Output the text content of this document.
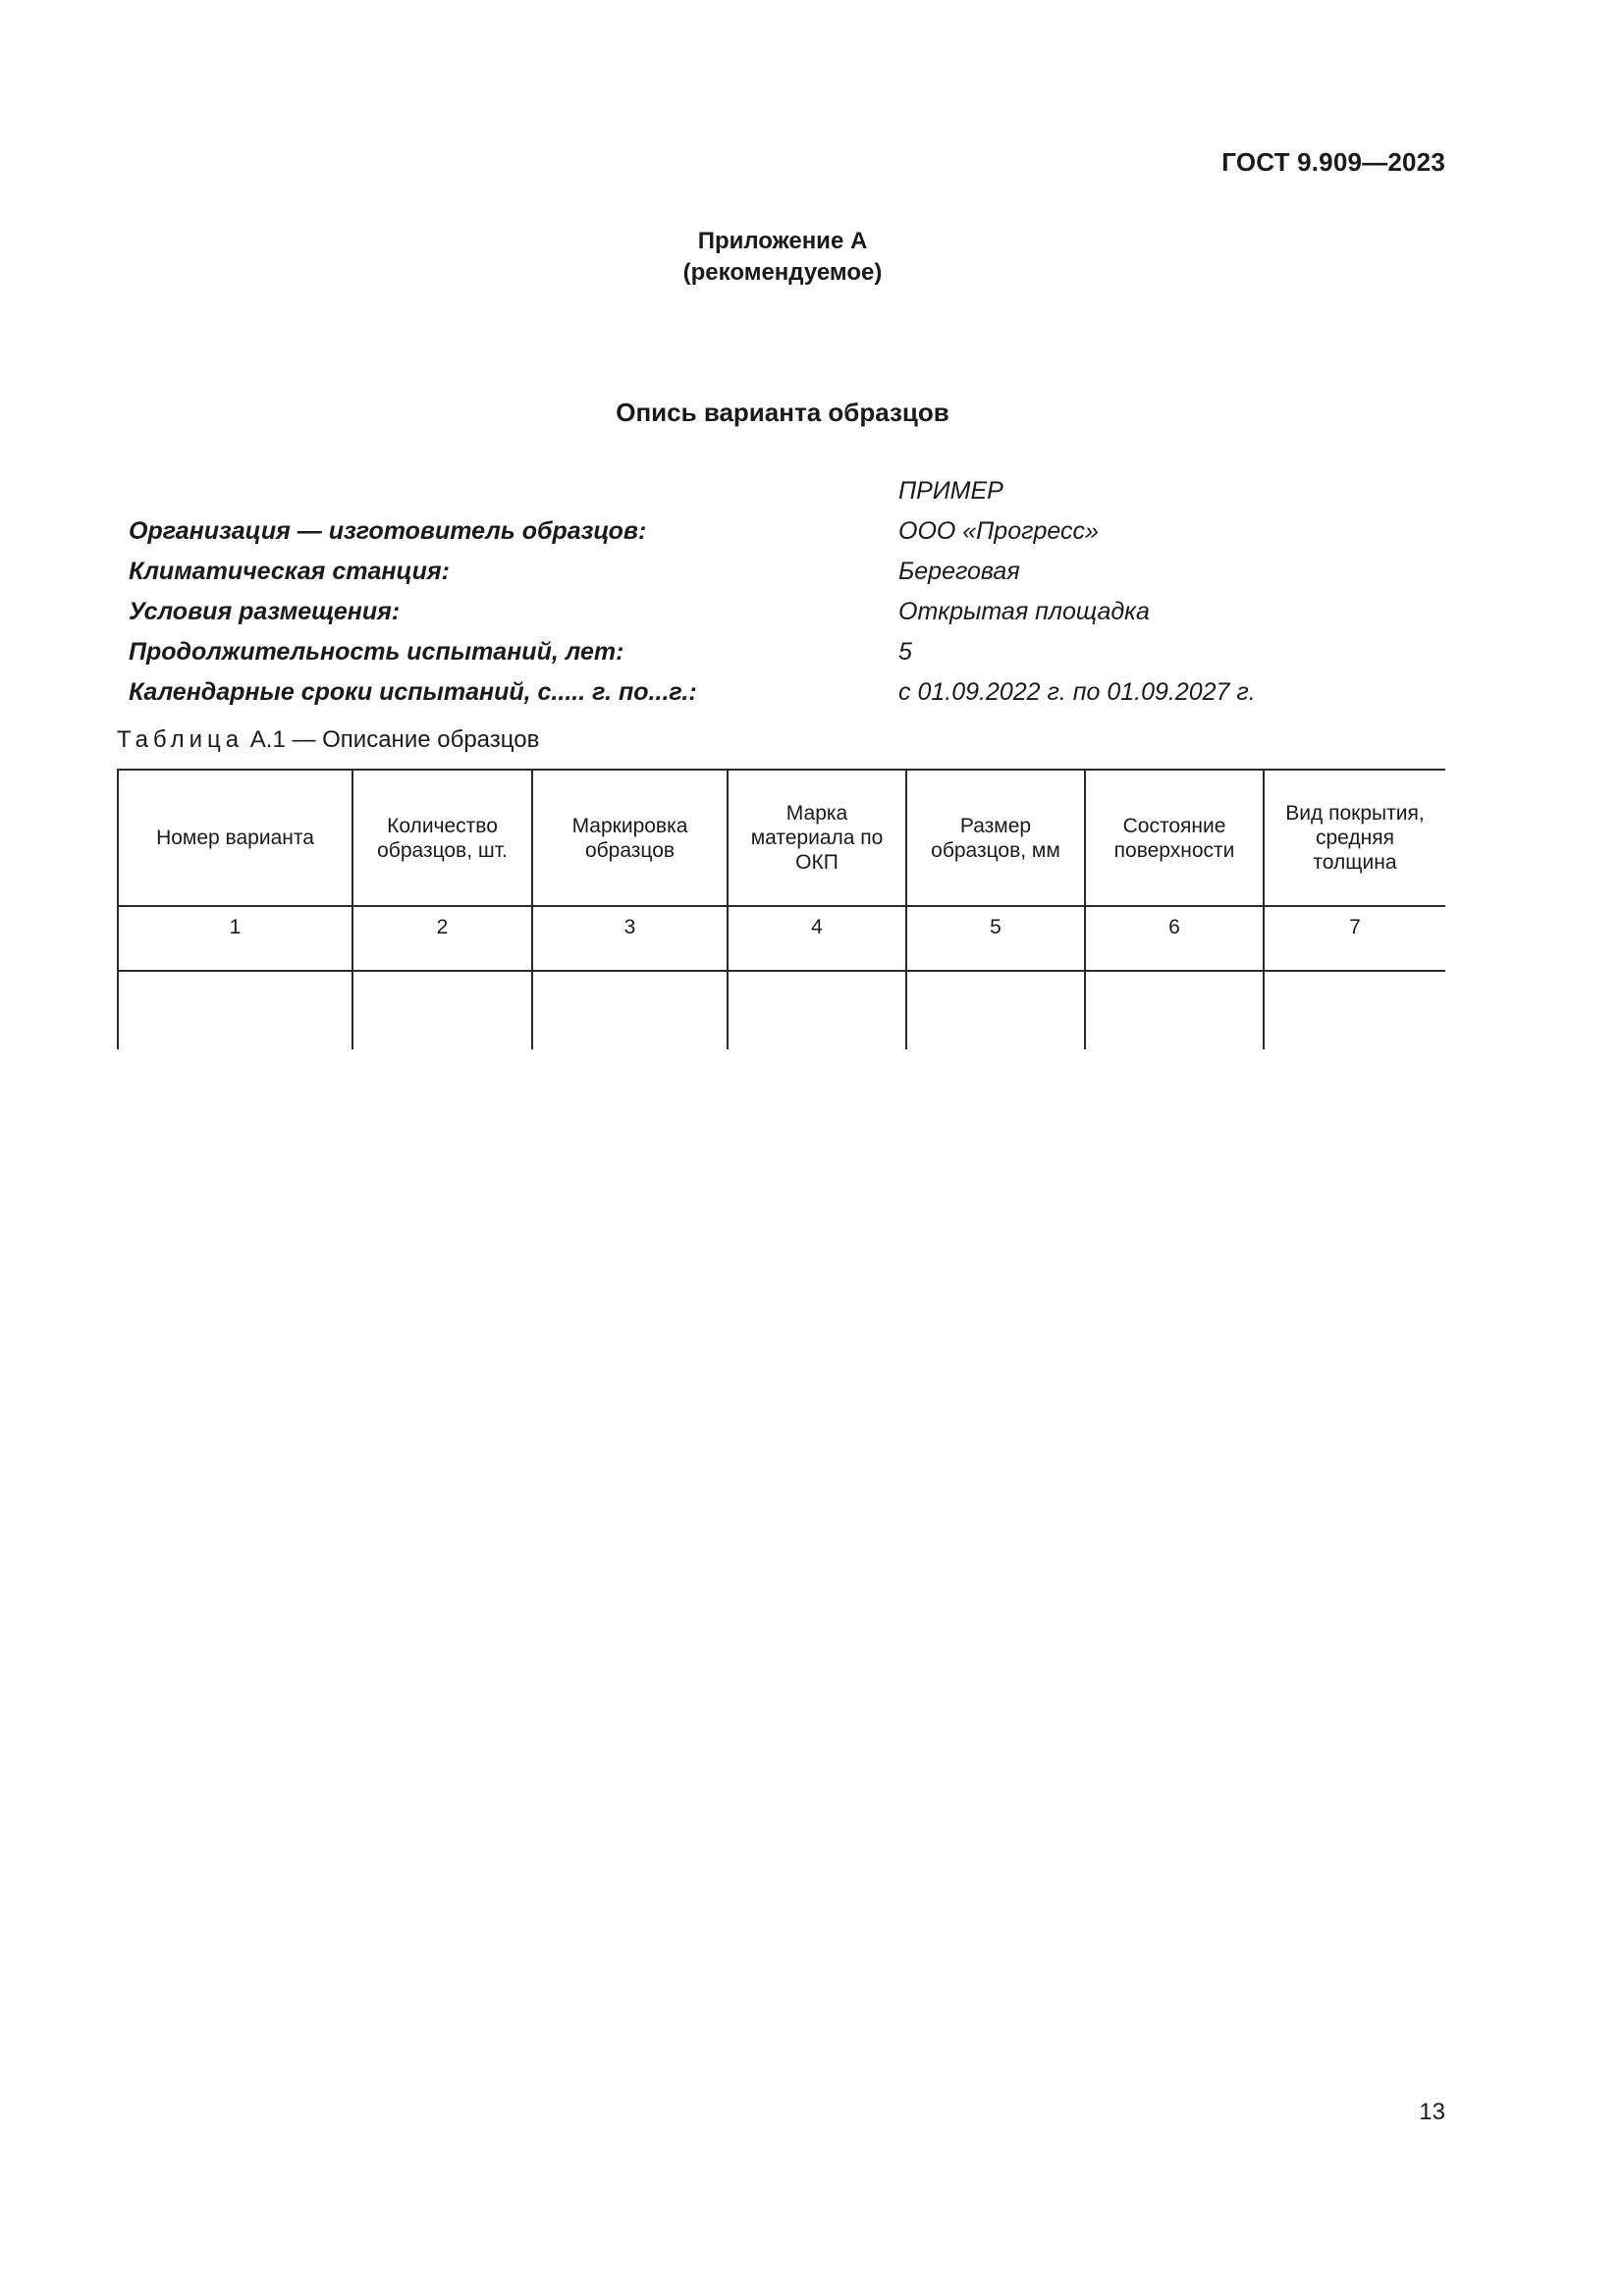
ГОСТ 9.909—2023
Приложение А
(рекомендуемое)
Опись варианта образцов
ПРИМЕР
Организация — изготовитель образцов:	ООО «Прогресс»
Климатическая станция:	Береговая
Условия размещения:	Открытая площадка
Продолжительность испытаний, лет:	5
Календарные сроки испытаний, с..... г. по...г.:	с 01.09.2022 г. по 01.09.2027 г.
Таблица А.1 — Описание образцов
Номер варианта	Количество образцов, шт.	Маркировка образцов	Марка материала по ОКП	Размер образцов, мм	Состояние поверхности	Вид покрытия, средняя толщина
1	2	3	4	5	6	7

13
